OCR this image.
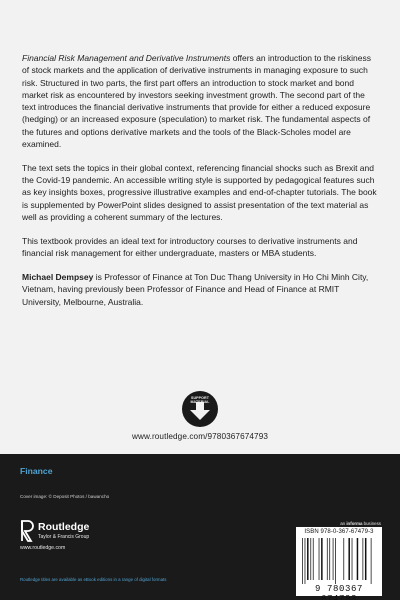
Financial Risk Management and Derivative Instruments offers an introduction to the riskiness of stock markets and the application of derivative instruments in managing exposure to such risk. Structured in two parts, the first part offers an introduction to stock market and bond market risk as encountered by investors seeking investment growth. The second part of the text introduces the financial derivative instruments that provide for either a reduced exposure (hedging) or an increased exposure (speculation) to market risk. The fundamental aspects of the futures and options derivative markets and the tools of the Black-Scholes model are examined.

The text sets the topics in their global context, referencing financial shocks such as Brexit and the Covid-19 pandemic. An accessible writing style is supported by pedagogical features such as key insights boxes, progressive illustrative examples and end-of-chapter tutorials. The book is supplemented by PowerPoint slides designed to assist presentation of the text material as well as providing a coherent summary of the lectures.

This textbook provides an ideal text for introductory courses to derivative instruments and financial risk management for either undergraduate, masters or MBA students.

Michael Dempsey is Professor of Finance at Ton Duc Thang University in Ho Chi Minh City, Vietnam, having previously been Professor of Finance and Head of Finance at RMIT University, Melbourne, Australia.

SUPPORT MATERIAL
www.routledge.com/9780367674793
Finance
Cover image: © Deposit Photos / bawancho
Routledge
Taylor & Francis Group
www.routledge.com
Routledge titles are available as eBook editions in a range of digital formats
an informa business
ISBN 978-0-367-67479-3
9 780367 674793
